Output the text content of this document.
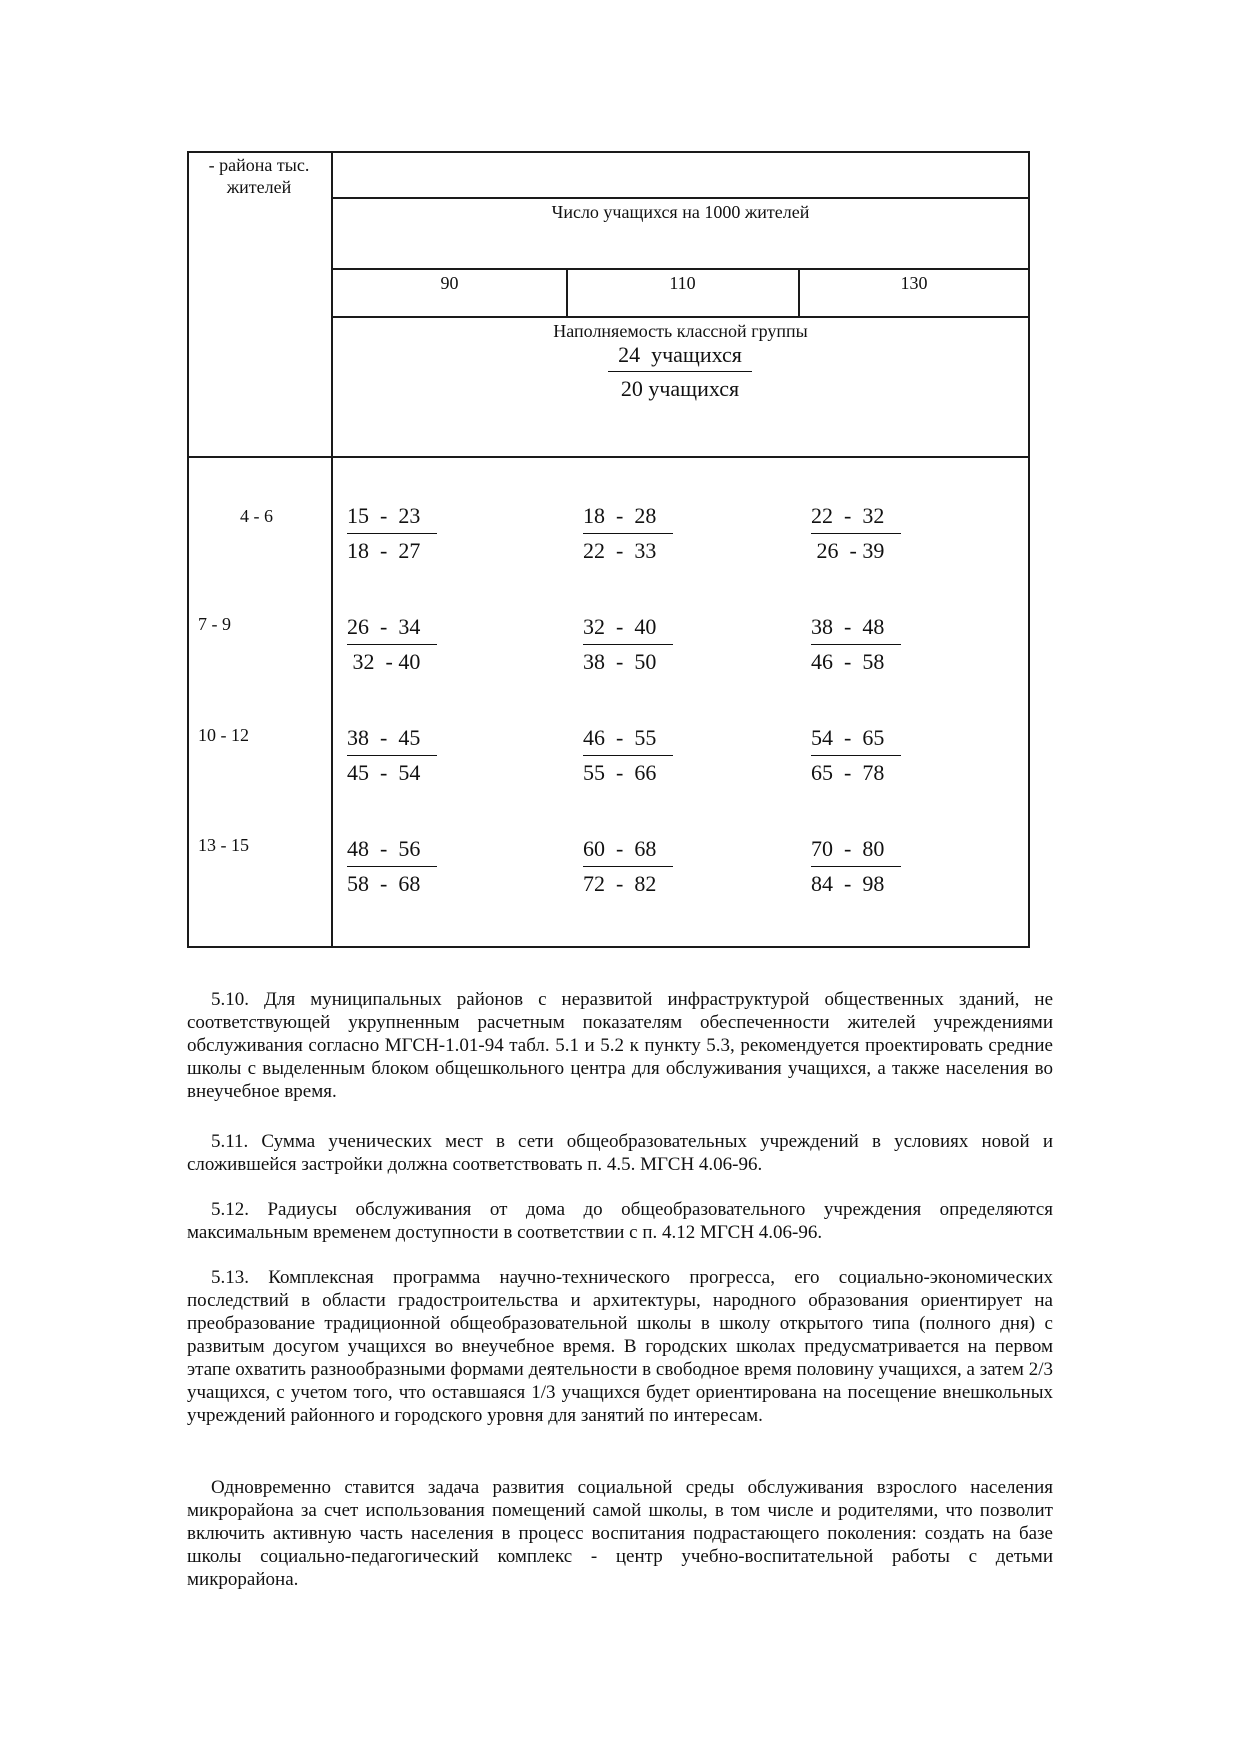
- района тыс. жителей
Число учащихся на 1000 жителей
90	110	130
Наполняемость классной группы
24  учащихся
20 учащихся
4 - 6	$\frac{15 - 23}{18 - 27}$	$\frac{18 - 28}{22 - 33}$	$\frac{22 - 32}{26 - 39}$
7 - 9	$\frac{26 - 34}{32 - 40}$	$\frac{32 - 40}{38 - 50}$	$\frac{38 - 48}{46 - 58}$
10 - 12	$\frac{38 - 45}{45 - 54}$	$\frac{46 - 55}{55 - 66}$	$\frac{54 - 65}{65 - 78}$
13 - 15	$\frac{48 - 56}{58 - 68}$	$\frac{60 - 68}{72 - 82}$	$\frac{70 - 80}{84 - 98}$

5.10. Для муниципальных районов с неразвитой инфраструктурой общественных зданий, не соответствующей укрупненным расчетным показателям обеспеченности жителей учреждениями обслуживания согласно МГСН-1.01-94 табл. 5.1 и 5.2 к пункту 5.3, рекомендуется проектировать средние школы с выделенным блоком общешкольного центра для обслуживания учащихся, а также населения во внеучебное время.

5.11. Сумма ученических мест в сети общеобразовательных учреждений в условиях новой и сложившейся застройки должна соответствовать п. 4.5. МГСН 4.06-96.

5.12. Радиусы обслуживания от дома до общеобразовательного учреждения определяются максимальным временем доступности в соответствии с п. 4.12 МГСН 4.06-96.

5.13. Комплексная программа научно-технического прогресса, его социально-экономических последствий в области градостроительства и архитектуры, народного образования ориентирует на преобразование традиционной общеобразовательной школы в школу открытого типа (полного дня) с развитым досугом учащихся во внеучебное время. В городских школах предусматривается на первом этапе охватить разнообразными формами деятельности в свободное время половину учащихся, а затем 2/3 учащихся, с учетом того, что оставшаяся 1/3 учащихся будет ориентирована на посещение внешкольных учреждений районного и городского уровня для занятий по интересам.

Одновременно ставится задача развития социальной среды обслуживания взрослого населения микрорайона за счет использования помещений самой школы, в том числе и родителями, что позволит включить активную часть населения в процесс воспитания подрастающего поколения: создать на базе школы социально-педагогический комплекс - центр учебно-воспитательной работы с детьми микрорайона.
